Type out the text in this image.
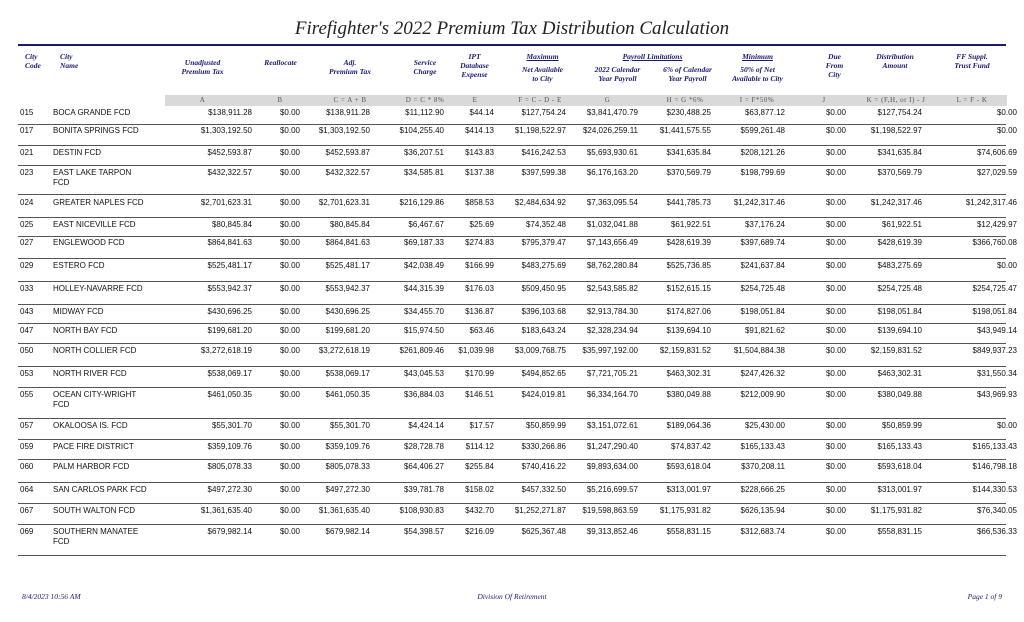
Firefighter's 2022 Premium Tax Distribution Calculation
City
Code
City
Name	Unadjusted
Premium Tax
Reallocate	Adj.
Premium Tax
Service
Charge
IPT
Database
Expense
Maximum
Net Available
to City
Payroll Limitations
2022 Calendar
Year Payroll
6% of Calendar
Year Payroll
Minimum
50% of Net
Available to City
Due
From
City
Distribution
Amount
FF Suppl.
Trust Fund
A	B	C = A + B	D = C * 8%	E	F = C - D - E	G	H = G *6%	I = F*50%	J	K = (F,H, or I) - J	L = F - K
015 BOCA GRANDE FCD	$138,911.28	$0.00	$138,911.28	$11,112.90	$44.14	$127,754.24	$3,841,470.79	$230,488.25	$63,877.12	$0.00	$127,754.24	$0.00
017 BONITA SPRINGS FCD	$1,303,192.50	$0.00 $1,303,192.50	$104,255.40	$414.13	$1,198,522.97 $24,026,259.11	$1,441,575.55	$599,261.48	$0.00	$1,198,522.97	$0.00
021 DESTIN FCD	$452,593.87	$0.00	$452,593.87	$36,207.51	$143.83	$416,242.53	$5,693,930.61	$341,635.84	$208,121.26	$0.00	$341,635.84	$74,606.69
023 EAST LAKE TARPON
FCD
$432,322.57	$0.00	$432,322.57	$34,585.81	$137.38	$397,599.38	$6,176,163.20	$370,569.79	$198,799.69	$0.00	$370,569.79	$27,029.59
024 GREATER NAPLES FCD	$2,701,623.31	$0.00 $2,701,623.31	$216,129.86	$858.53	$2,484,634.92	$7,363,095.54	$441,785.73	$1,242,317.46	$0.00	$1,242,317.46	$1,242,317.46
025 EAST NICEVILLE FCD	$80,845.84	$0.00	$80,845.84	$6,467.67	$25.69	$74,352.48	$1,032,041.88	$61,922.51	$37,176.24	$0.00	$61,922.51	$12,429.97
027 ENGLEWOOD FCD	$864,841.63	$0.00	$864,841.63	$69,187.33	$274.83	$795,379.47	$7,143,656.49	$428,619.39	$397,689.74	$0.00	$428,619.39	$366,760.08
029 ESTERO FCD	$525,481.17	$0.00	$525,481.17	$42,038.49	$166.99	$483,275.69	$8,762,280.84	$525,736.85	$241,637.84	$0.00	$483,275.69	$0.00
033 HOLLEY-NAVARRE FCD	$553,942.37	$0.00	$553,942.37	$44,315.39	$176.03	$509,450.95	$2,543,585.82	$152,615.15	$254,725.48	$0.00	$254,725.48	$254,725.47
043 MIDWAY FCD	$430,696.25	$0.00	$430,696.25	$34,455.70	$136.87	$396,103.68	$2,913,784.30	$174,827.06	$198,051.84	$0.00	$198,051.84	$198,051.84
047 NORTH BAY FCD	$199,681.20	$0.00	$199,681.20	$15,974.50	$63.46	$183,643.24	$2,328,234.94	$139,694.10	$91,821.62	$0.00	$139,694.10	$43,949.14
050 NORTH COLLIER FCD	$3,272,618.19	$0.00 $3,272,618.19	$261,809.46 $1,039.98	$3,009,768.75 $35,997,192.00	$2,159,831.52	$1,504,884.38	$0.00	$2,159,831.52	$849,937.23
053 NORTH RIVER FCD	$538,069.17	$0.00	$538,069.17	$43,045.53	$170.99	$494,852.65	$7,721,705.21	$463,302.31	$247,426.32	$0.00	$463,302.31	$31,550.34
055 OCEAN CITY-WRIGHT
FCD
$461,050.35	$0.00	$461,050.35	$36,884.03	$146.51	$424,019.81	$6,334,164.70	$380,049.88	$212,009.90	$0.00	$380,049.88	$43,969.93
057 OKALOOSA IS. FCD	$55,301.70	$0.00	$55,301.70	$4,424.14	$17.57	$50,859.99	$3,151,072.61	$189,064.36	$25,430.00	$0.00	$50,859.99	$0.00
059 PACE FIRE DISTRICT	$359,109.76	$0.00	$359,109.76	$28,728.78	$114.12	$330,266.86	$1,247,290.40	$74,837.42	$165,133.43	$0.00	$165,133.43	$165,133.43
060 PALM HARBOR FCD	$805,078.33	$0.00	$805,078.33	$64,406.27	$255.84	$740,416.22	$9,893,634.00	$593,618.04	$370,208.11	$0.00	$593,618.04	$146,798.18
064 SAN CARLOS PARK FCD	$497,272.30	$0.00	$497,272.30	$39,781.78	$158.02	$457,332.50	$5,216,699.57	$313,001.97	$228,666.25	$0.00	$313,001.97	$144,330.53
067 SOUTH WALTON FCD	$1,361,635.40	$0.00 $1,361,635.40	$108,930.83	$432.70	$1,252,271.87 $19,598,863.59	$1,175,931.82	$626,135.94	$0.00	$1,175,931.82	$76,340.05
069 SOUTHERN MANATEE
FCD
$679,982.14	$0.00	$679,982.14	$54,398.57	$216.09	$625,367.48	$9,313,852.46	$558,831.15	$312,683.74	$0.00	$558,831.15	$66,536.33
8/4/2023 10:56 AM	Division Of Retirement	Page 1 of 9
